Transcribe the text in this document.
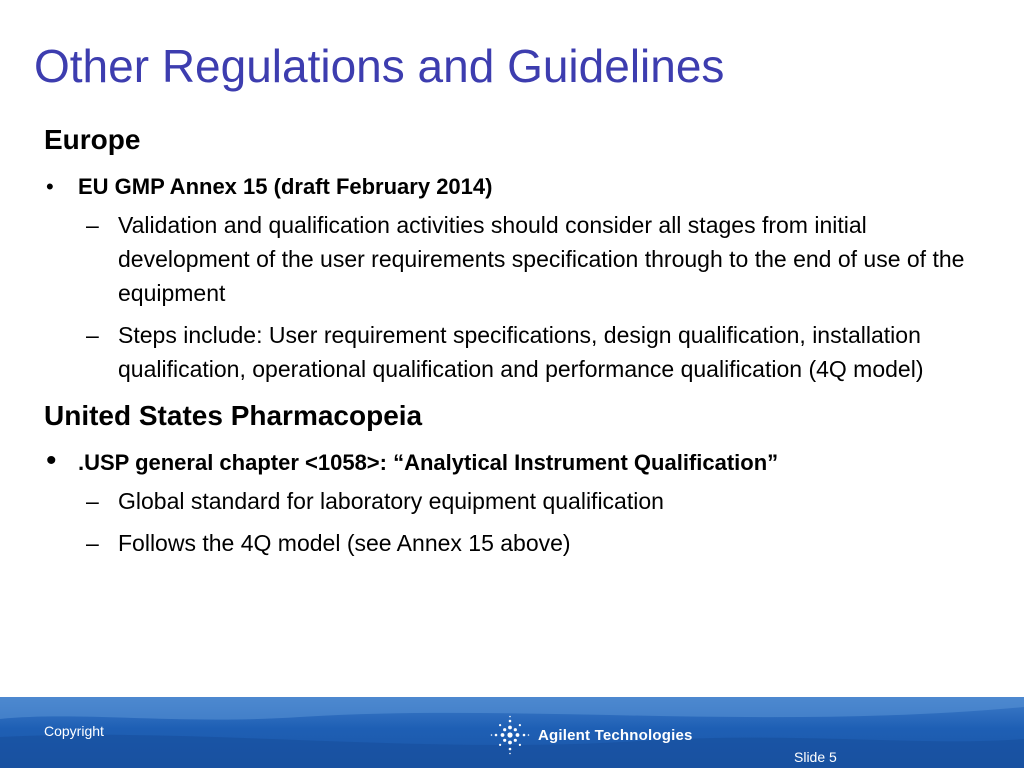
Other Regulations and Guidelines
Europe
• EU GMP Annex 15 (draft February 2014)
– Validation and qualification activities should consider all stages from initial development of the user requirements specification through to the end of use of the equipment
– Steps include: User requirement specifications, design qualification, installation qualification, operational qualification and performance qualification (4Q model)
United States Pharmacopeia
• .USP general chapter <1058>: “Analytical Instrument Qualification”
– Global standard for laboratory equipment qualification
– Follows the 4Q model (see Annex 15 above)
Copyright	Agilent Technologies
Slide 5
